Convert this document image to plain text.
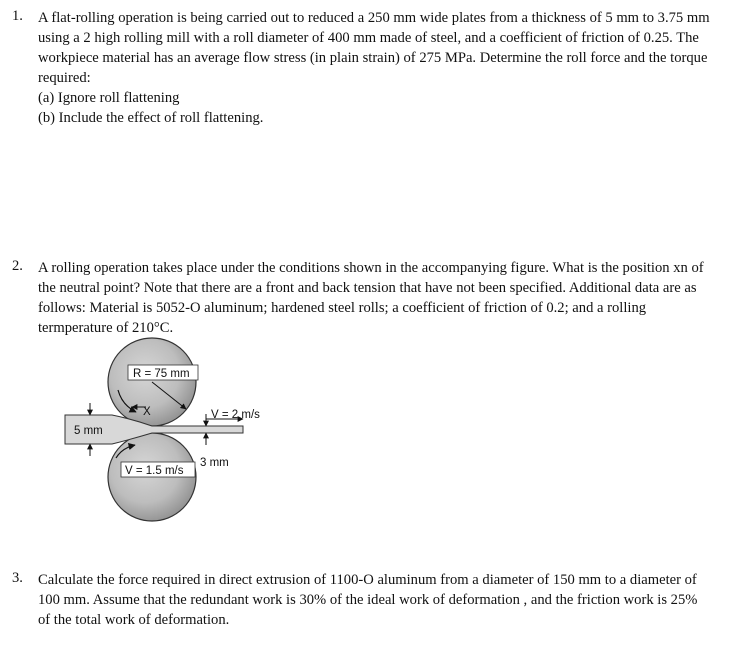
1. A flat-rolling operation is being carried out to reduced a 250 mm wide plates from a thickness of 5 mm to 3.75 mm using a 2 high rolling mill with a roll diameter of 400 mm made of steel, and a coefficient of friction of 0.25. The workpiece material has an average flow stress (in plain strain) of 275 MPa. Determine the roll force and the torque required:

(a) Ignore roll flattening

(b) Include the effect of roll flattening.

2. A rolling operation takes place under the conditions shown in the accompanying figure. What is the position xn of the neutral point? Note that there are a front and back tension that have not been specified. Additional data are as follows: Material is 5052-O aluminum; hardened steel rolls; a coefficient of friction of 0.2; and a rolling termperature of 210°C.

R = 75 mm
X	V = 2 m/s
5 mm
3 mm
V = 1.5 m/s
3. Calculate the force required in direct extrusion of 1100-O aluminum from a diameter of 150 mm to a diameter of 100 mm. Assume that the redundant work is 30% of the ideal work of deformation , and the friction work is 25% of the total work of deformation.
